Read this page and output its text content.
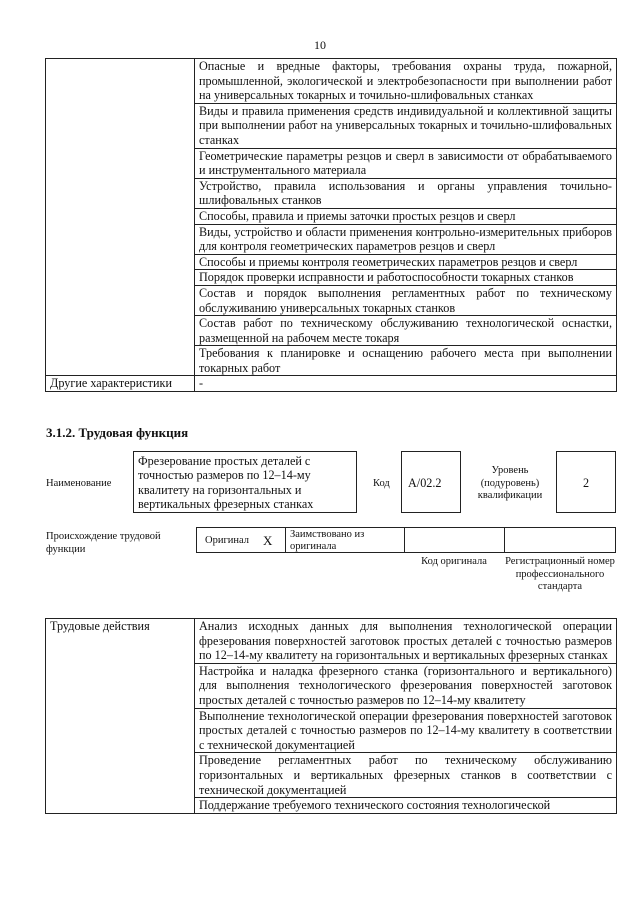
10
	Опасные и вредные факторы, требования охраны труда, пожарной, промышленной, экологической и электробезопасности при выполнении работ на универсальных токарных и точильно-шлифовальных станках
	Виды и правила применения средств индивидуальной и коллективной защиты при выполнении работ на универсальных токарных и точильно-шлифовальных станках
	Геометрические параметры резцов и сверл в зависимости от обрабатываемого и инструментального материала
	Устройство, правила использования и органы управления точильно-шлифовальных станков
	Способы, правила и приемы заточки простых резцов и сверл
	Виды, устройство и области применения контрольно-измерительных приборов для контроля геометрических параметров резцов и сверл
	Способы и приемы контроля геометрических параметров резцов и сверл
	Порядок проверки исправности и работоспособности токарных станков
	Состав и порядок выполнения регламентных работ по техническому обслуживанию универсальных токарных станков
	Состав работ по техническому обслуживанию технологической оснастки, размещенной на рабочем месте токаря
	Требования к планировке и оснащению рабочего места при выполнении токарных работ
Другие характеристики	-
3.1.2. Трудовая функция
Наименование
Фрезерование простых деталей с точностью размеров по 12–14-му квалитету на горизонтальных и вертикальных фрезерных станках
Код	А/02.2
Уровень (подуровень) квалификации
2
Происхождение трудовой функции
Оригинал X Заимствовано из оригинала
Код оригинала	Регистрационный номер профессионального стандарта
Трудовые действия	Анализ исходных данных для выполнения технологической операции фрезерования поверхностей заготовок простых деталей с точностью размеров по 12–14-му квалитету на горизонтальных и вертикальных фрезерных станках
Настройка и наладка фрезерного станка (горизонтального и вертикального) для выполнения технологического фрезерования поверхностей заготовок простых деталей с точностью размеров по 12–14-му квалитету
Выполнение технологической операции фрезерования поверхностей заготовок простых деталей с точностью размеров по 12–14-му квалитету в соответствии с технической документацией
Проведение регламентных работ по техническому обслуживанию горизонтальных и вертикальных фрезерных станков в соответствии с технической документацией
Поддержание требуемого технического состояния технологической
